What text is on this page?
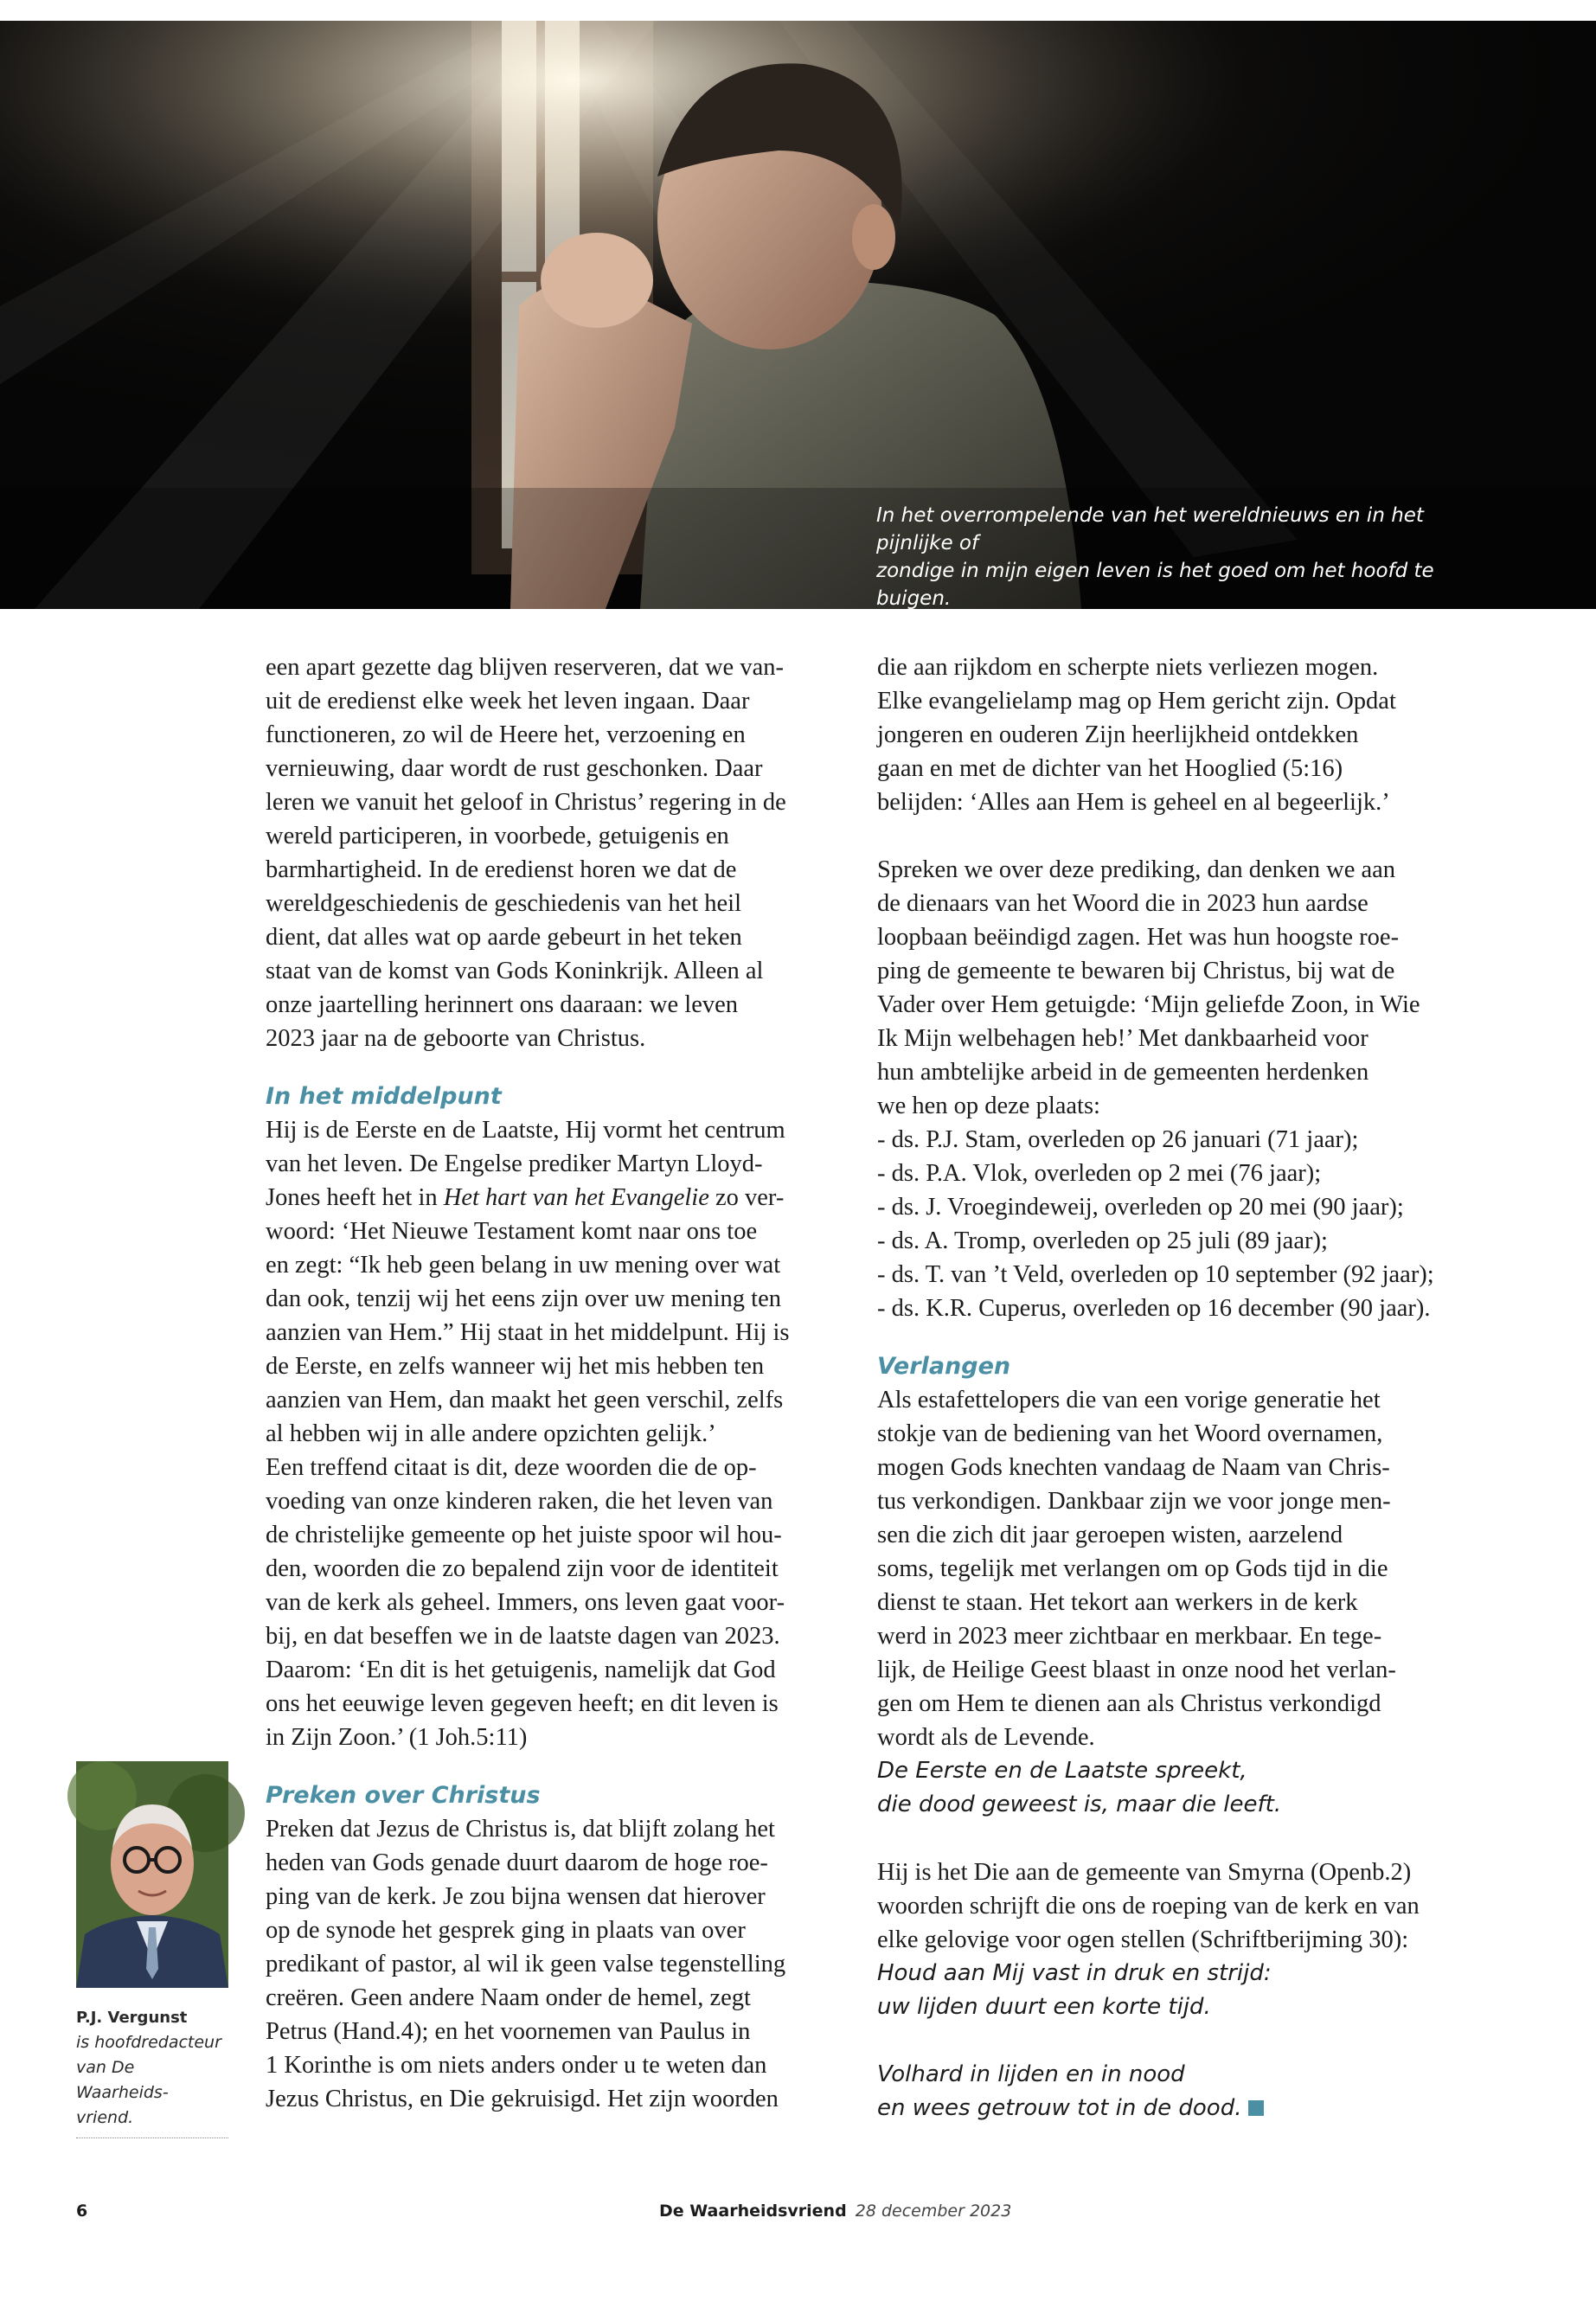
In het overrompelende van het wereldnieuws en in het pijnlijke of
zondige in mijn eigen leven is het goed om het hoofd te buigen.
Bidden en belijden helpen ons verder.

een apart gezette dag blijven reserveren, dat we van-
uit de eredienst elke week het leven ingaan. Daar
functioneren, zo wil de Heere het, verzoening en
vernieuwing, daar wordt de rust geschonken. Daar
leren we vanuit het geloof in Christus’ regering in de
wereld participeren, in voorbede, getuigenis en
barmhartigheid. In de eredienst horen we dat de
wereldgeschiedenis de geschiedenis van het heil
dient, dat alles wat op aarde gebeurt in het teken
staat van de komst van Gods Koninkrijk. Alleen al
onze jaartelling herinnert ons daaraan: we leven
2023 jaar na de geboorte van Christus.

In het middelpunt

Hij is de Eerste en de Laatste, Hij vormt het centrum
van het leven. De Engelse prediker Martyn Lloyd-
Jones heeft het in Het hart van het Evangelie zo ver-
woord: ‘Het Nieuwe Testament komt naar ons toe
en zegt: “Ik heb geen belang in uw mening over wat
dan ook, tenzij wij het eens zijn over uw mening ten
aanzien van Hem.” Hij staat in het middelpunt. Hij is
de Eerste, en zelfs wanneer wij het mis hebben ten
aanzien van Hem, dan maakt het geen verschil, zelfs
al hebben wij in alle andere opzichten gelijk.’
Een treffend citaat is dit, deze woorden die de op-
voeding van onze kinderen raken, die het leven van
de christelijke gemeente op het juiste spoor wil hou-
den, woorden die zo bepalend zijn voor de identiteit
van de kerk als geheel. Immers, ons leven gaat voor-
bij, en dat beseffen we in de laatste dagen van 2023.
Daarom: ‘En dit is het getuigenis, namelijk dat God
ons het eeuwige leven gegeven heeft; en dit leven is
in Zijn Zoon.’ (1 Joh.5:11)

Preken over Christus

Preken dat Jezus de Christus is, dat blijft zolang het
heden van Gods genade duurt daarom de hoge roe-
ping van de kerk. Je zou bijna wensen dat hierover
op de synode het gesprek ging in plaats van over
predikant of pastor, al wil ik geen valse tegenstelling
creëren. Geen andere Naam onder de hemel, zegt
Petrus (Hand.4); en het voornemen van Paulus in
1 Korinthe is om niets anders onder u te weten dan
Jezus Christus, en Die gekruisigd. Het zijn woorden

die aan rijkdom en scherpte niets verliezen mogen.
Elke evangelielamp mag op Hem gericht zijn. Opdat
jongeren en ouderen Zijn heerlijkheid ontdekken
gaan en met de dichter van het Hooglied (5:16)
belijden: ‘Alles aan Hem is geheel en al begeerlijk.’

Spreken we over deze prediking, dan denken we aan
de dienaars van het Woord die in 2023 hun aardse
loopbaan beëindigd zagen. Het was hun hoogste roe-
ping de gemeente te bewaren bij Christus, bij wat de
Vader over Hem getuigde: ‘Mijn geliefde Zoon, in Wie
Ik Mijn welbehagen heb!’ Met dankbaarheid voor
hun ambtelijke arbeid in de gemeenten herdenken
we hen op deze plaats:
- ds. P.J. Stam, overleden op 26 januari (71 jaar);
- ds. P.A. Vlok, overleden op 2 mei (76 jaar);
- ds. J. Vroegindeweij, overleden op 20 mei (90 jaar);
- ds. A. Tromp, overleden op 25 juli (89 jaar);
- ds. T. van ’t Veld, overleden op 10 september (92 jaar);
- ds. K.R. Cuperus, overleden op 16 december (90 jaar).

Verlangen

Als estafettelopers die van een vorige generatie het
stokje van de bediening van het Woord overnamen,
mogen Gods knechten vandaag de Naam van Chris-
tus verkondigen. Dankbaar zijn we voor jonge men-
sen die zich dit jaar geroepen wisten, aarzelend
soms, tegelijk met verlangen om op Gods tijd in die
dienst te staan. Het tekort aan werkers in de kerk
werd in 2023 meer zichtbaar en merkbaar. En tege-
lijk, de Heilige Geest blaast in onze nood het verlan-
gen om Hem te dienen aan als Christus verkondigd
wordt als de Levende.

De Eerste en de Laatste spreekt,
die dood geweest is, maar die leeft.

Hij is het Die aan de gemeente van Smyrna (Openb.2)
woorden schrijft die ons de roeping van de kerk en van
elke gelovige voor ogen stellen (Schriftberijming 30):

Houd aan Mij vast in druk en strijd:
uw lijden duurt een korte tijd.

Volhard in lijden en in nood
en wees getrouw tot in de dood.

P.J. Vergunst
is hoofdredacteur
van De Waarheids-
vriend.
6	De Waarheidsvriend 28 december 2023
